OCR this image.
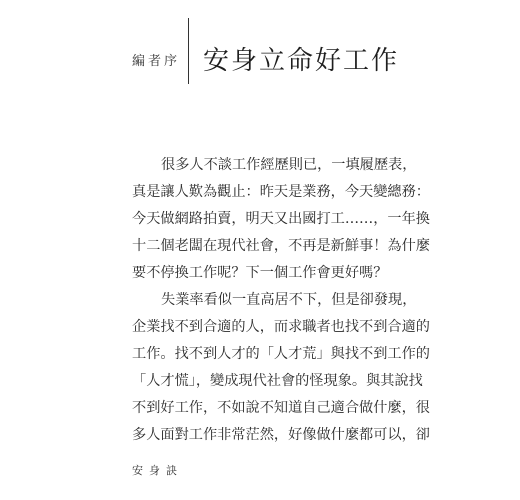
編者序 安身立命好工作
很多人不談工作經歷則已，一填履歷表，
真是讓人歎為觀止：昨天是業務，今天變總務：
今天做網路拍賣，明天又出國打工……，一年換
十二個老闆在現代社會，不再是新鮮事！為什麼
要不停換工作呢？下一個工作會更好嗎？
失業率看似一直高居不下，但是卻發現，
企業找不到合適的人，而求職者也找不到合適的
工作。找不到人才的「人才荒」與找不到工作的
「人才慌」，變成現代社會的怪現象。與其說找
不到好工作，不如說不知道自己適合做什麼，很
多人面對工作非常茫然，好像做什麼都可以，卻
安身訣
